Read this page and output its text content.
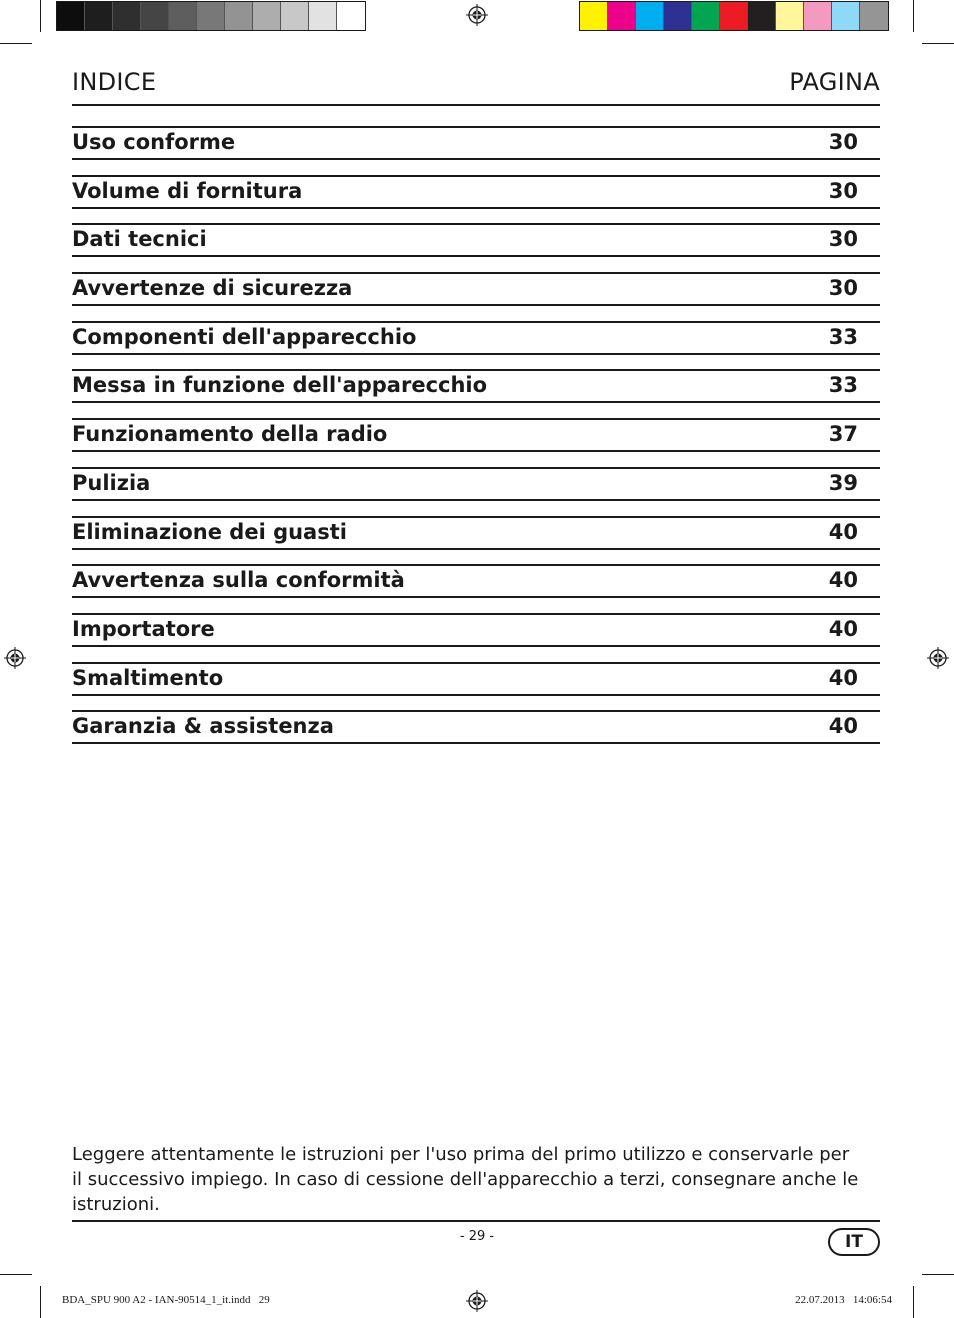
INDICE	PAGINA
Uso conforme	30
Volume di fornitura	30
Dati tecnici	30
Avvertenze di sicurezza	30
Componenti dell'apparecchio	33
Messa in funzione dell'apparecchio	33
Funzionamento della radio	37
Pulizia	39
Eliminazione dei guasti	40
Avvertenza sulla conformità	40
Importatore	40
Smaltimento	40
Garanzia & assistenza	40

Leggere attentamente le istruzioni per l'uso prima del primo utilizzo e conservarle per il successivo impiego. In caso di cessione dell'apparecchio a terzi, consegnare anche le istruzioni.

- 29 -	IT
BDA_SPU 900 A2 - IAN-90514_1_it.indd   29	22.07.2013   14:06:54
